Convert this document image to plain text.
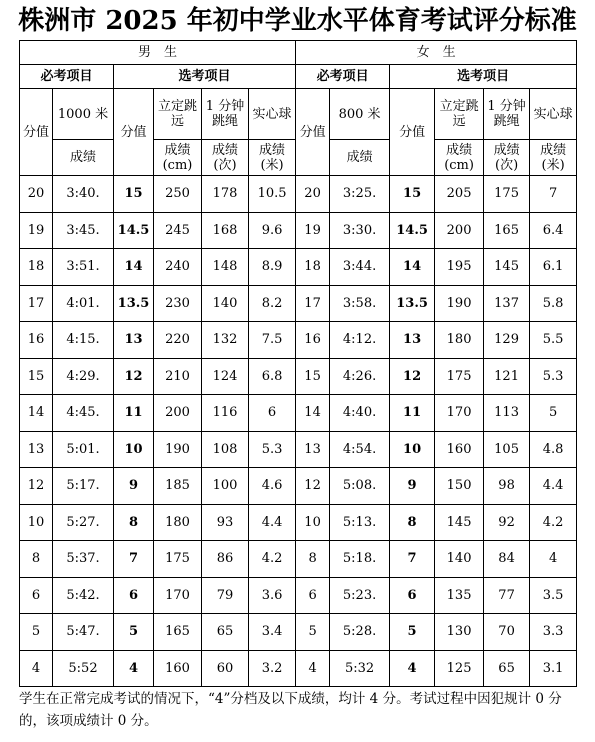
株洲市 2025 年初中学业水平体育考试评分标准
男　生						女　生					
必考项目		选考项目				必考项目		选考项目			
分值	1000 米	分值	立定跳远	1 分钟跳绳	实心球	分值	800 米	分值	立定跳远	1 分钟跳绳	实心球
	成绩		成绩(cm)	成绩(次)	成绩(米)		成绩		成绩(cm)	成绩(次)	成绩(米)
20	3:40.	15	250	178	10.5	20	3:25.	15	205	175	7
19	3:45.	14.5	245	168	9.6	19	3:30.	14.5	200	165	6.4
18	3:51.	14	240	148	8.9	18	3:44.	14	195	145	6.1
17	4:01.	13.5	230	140	8.2	17	3:58.	13.5	190	137	5.8
16	4:15.	13	220	132	7.5	16	4:12.	13	180	129	5.5
15	4:29.	12	210	124	6.8	15	4:26.	12	175	121	5.3
14	4:45.	11	200	116	6	14	4:40.	11	170	113	5
13	5:01.	10	190	108	5.3	13	4:54.	10	160	105	4.8
12	5:17.	9	185	100	4.6	12	5:08.	9	150	98	4.4
10	5:27.	8	180	93	4.4	10	5:13.	8	145	92	4.2
8	5:37.	7	175	86	4.2	8	5:18.	7	140	84	4
6	5:42.	6	170	79	3.6	6	5:23.	6	135	77	3.5
5	5:47.	5	165	65	3.4	5	5:28.	5	130	70	3.3
4	5:52	4	160	60	3.2	4	5:32	4	125	65	3.1
学生在正常完成考试的情况下，“4”分档及以下成绩，均计 4 分。考试过程中因犯规计 0 分的，该项成绩计 0 分。
